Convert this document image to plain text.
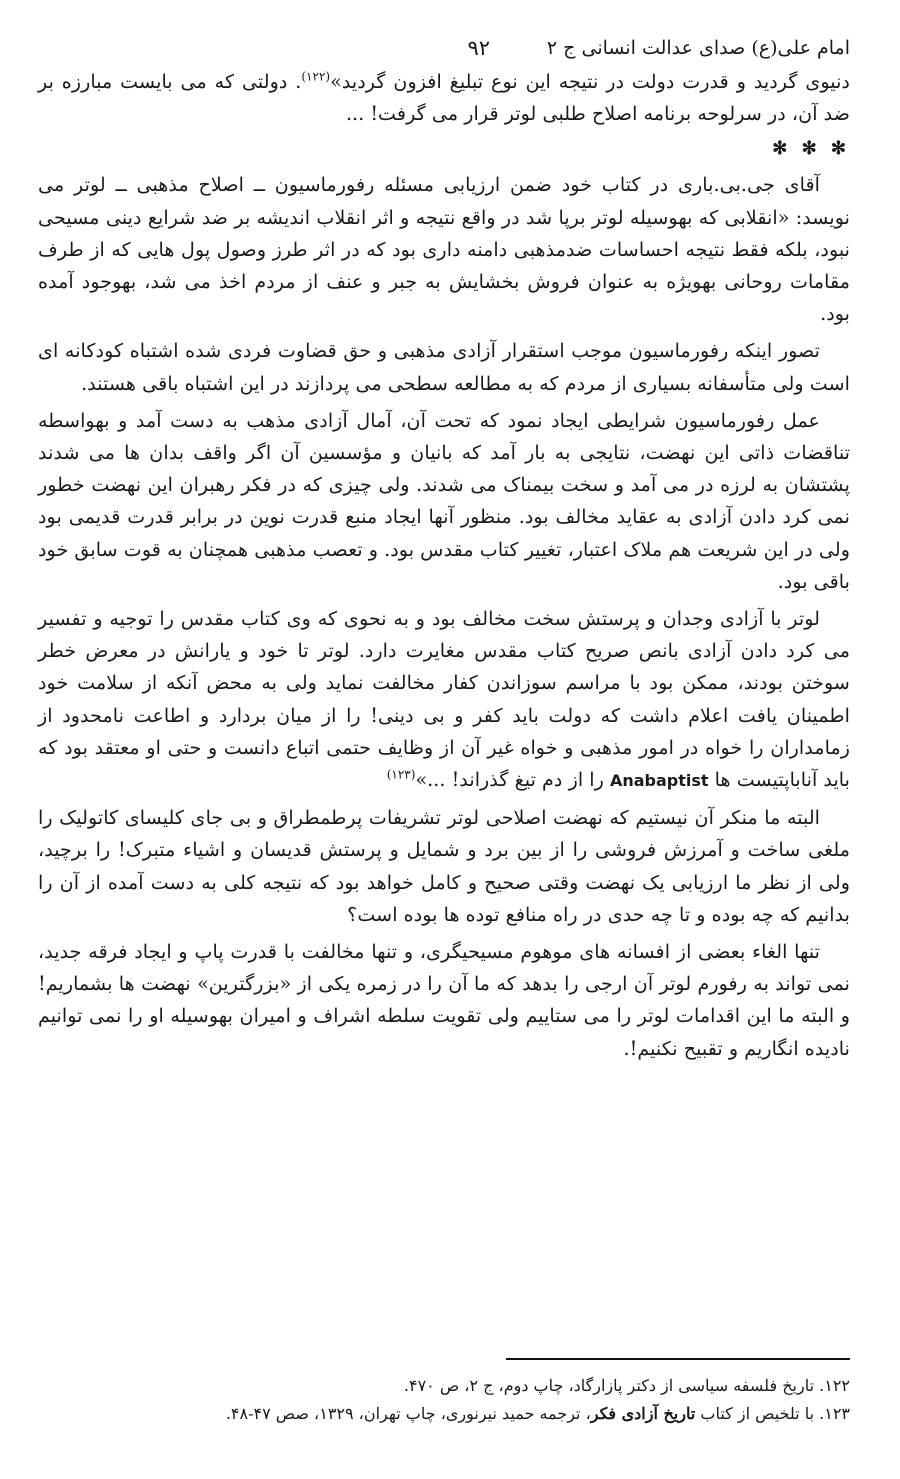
امام علی(ع) صدای عدالت انسانی ج ۲
۹۲

دنیوی گردید و قدرت دولت در نتیجه این نوع تبلیغ افزون گردید»$^{(۱۲۲)}$. دولتی که می بایست مبارزه بر ضد آن، در سرلوحه برنامه اصلاح طلبی لوتر قرار می گرفت! ...

✻ ✻ ✻

آقای جی.بی.باری در کتاب خود ضمن ارزیابی مسئله رفورماسیون ــ اصلاح مذهبی ــ لوتر می نویسد: «انقلابی که بهوسیله لوتر برپا شد در واقع نتیجه و اثر انقلاب اندیشه بر ضد شرایع دینی مسیحی نبود، بلکه فقط نتیجه احساسات ضدمذهبی دامنه داری بود که در اثر طرز وصول پول هایی که از طرف مقامات روحانی بهویژه به عنوان فروش بخشایش به جبر و عنف از مردم اخذ می شد، بهوجود آمده بود.

تصور اینکه رفورماسیون موجب استقرار آزادی مذهبی و حق قضاوت فردی شده اشتباه کودکانه ای است ولی متأسفانه بسیاری از مردم که به مطالعه سطحی می پردازند در این اشتباه باقی هستند.

عمل رفورماسیون شرایطی ایجاد نمود که تحت آن، آمال آزادی مذهب به دست آمد و بهواسطه تناقضات ذاتی این نهضت، نتایجی به بار آمد که بانیان و مؤسسین آن اگر واقف بدان ها می شدند پشتشان به لرزه در می آمد و سخت بیمناک می شدند. ولی چیزی که در فکر رهبران این نهضت خطور نمی کرد دادن آزادی به عقاید مخالف بود. منظور آنها ایجاد منبع قدرت نوین در برابر قدرت قدیمی بود ولی در این شریعت هم ملاک اعتبار، تغییر کتاب مقدس بود. و تعصب مذهبی همچنان به قوت سابق خود باقی بود.

لوتر با آزادی وجدان و پرستش سخت مخالف بود و به نحوی که وی کتاب مقدس را توجیه و تفسیر می کرد دادن آزادی بانص صریح کتاب مقدس مغایرت دارد. لوتر تا خود و یارانش در معرض خطر سوختن بودند، ممکن بود با مراسم سوزاندن کفار مخالفت نماید ولی به محض آنکه از سلامت خود اطمینان یافت اعلام داشت که دولت باید کفر و بی دینی! را از میان بردارد و اطاعت نامحدود از زمامداران را خواه در امور مذهبی و خواه غیر آن از وظایف حتمی اتباع دانست و حتی او معتقد بود که باید آناباپتیست ها Anabaptist را از دم تیغ گذراند! ...»$^{(۱۲۳)}$

البته ما منکر آن نیستیم که نهضت اصلاحی لوتر تشریفات پرطمطراق و بی جای کلیسای کاتولیک را ملغی ساخت و آمرزش فروشی را از بین برد و شمایل و پرستش قدیسان و اشیاء متبرک! را برچید، ولی از نظر ما ارزیابی یک نهضت وقتی صحیح و کامل خواهد بود که نتیجه کلی به دست آمده از آن را بدانیم که چه بوده و تا چه حدی در راه منافع توده ها بوده است؟

تنها الغاء بعضی از افسانه های موهوم مسیحیگری، و تنها مخالفت با قدرت پاپ و ایجاد فرقه جدید، نمی تواند به رفورم لوتر آن ارجی را بدهد که ما آن را در زمره یکی از «بزرگترین» نهضت ها بشماریم! و البته ما این اقدامات لوتر را می ستاییم ولی تقویت سلطه اشراف و امیران بهوسیله او را نمی توانیم نادیده انگاریم و تقبیح نکنیم!.

۱۲۲. تاریخ فلسفه سیاسی از دکتر پازارگاد، چاپ دوم، ج ۲، ص ۴۷۰.
۱۲۳. با تلخیص از کتاب تاریخ آزادی فکر، ترجمه حمید نیرنوری، چاپ تهران، ۱۳۲۹، صص ۴۷-۴۸.
